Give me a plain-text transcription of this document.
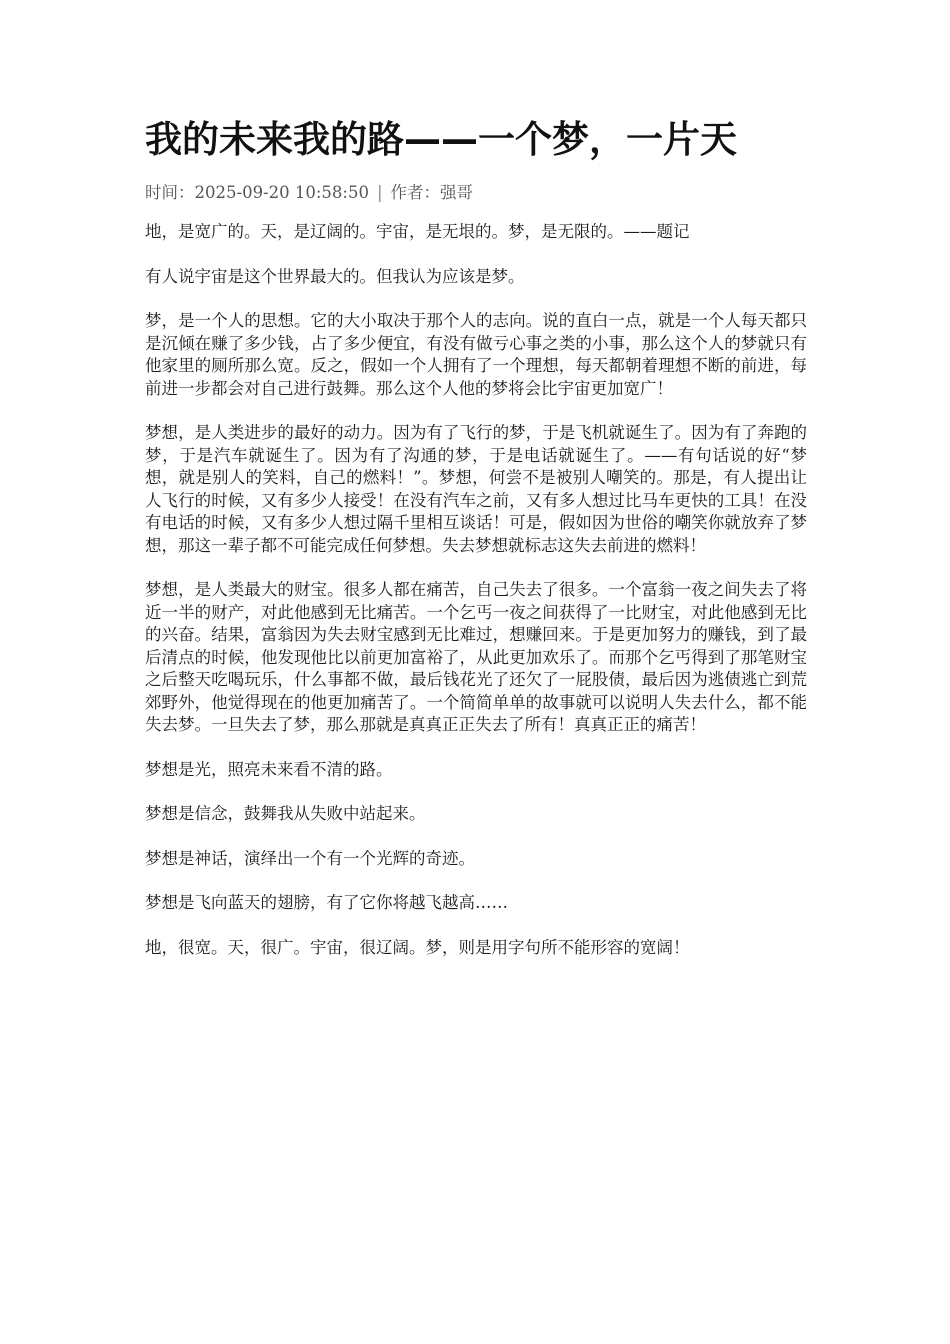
我的未来我的路——一个梦，一片天
时间：2025-09-20 10:58:50 | 作者：强哥

地，是宽广的。天，是辽阔的。宇宙，是无垠的。梦，是无限的。——题记

有人说宇宙是这个世界最大的。但我认为应该是梦。

梦，是一个人的思想。它的大小取决于那个人的志向。说的直白一点，就是一个人每天都只是沉倾在赚了多少钱，占了多少便宜，有没有做亏心事之类的小事，那么这个人的梦就只有他家里的厕所那么宽。反之，假如一个人拥有了一个理想，每天都朝着理想不断的前进，每前进一步都会对自己进行鼓舞。那么这个人他的梦将会比宇宙更加宽广！

梦想，是人类进步的最好的动力。因为有了飞行的梦，于是飞机就诞生了。因为有了奔跑的梦，于是汽车就诞生了。因为有了沟通的梦，于是电话就诞生了。——有句话说的好“梦想，就是别人的笑料，自己的燃料！”。梦想，何尝不是被别人嘲笑的。那是，有人提出让人飞行的时候，又有多少人接受！在没有汽车之前，又有多人想过比马车更快的工具！在没有电话的时候，又有多少人想过隔千里相互谈话！可是，假如因为世俗的嘲笑你就放弃了梦想，那这一辈子都不可能完成任何梦想。失去梦想就标志这失去前进的燃料！

梦想，是人类最大的财宝。很多人都在痛苦，自己失去了很多。一个富翁一夜之间失去了将近一半的财产，对此他感到无比痛苦。一个乞丐一夜之间获得了一比财宝，对此他感到无比的兴奋。结果，富翁因为失去财宝感到无比难过，想赚回来。于是更加努力的赚钱，到了最后清点的时候，他发现他比以前更加富裕了，从此更加欢乐了。而那个乞丐得到了那笔财宝之后整天吃喝玩乐，什么事都不做，最后钱花光了还欠了一屁股债，最后因为逃债逃亡到荒郊野外，他觉得现在的他更加痛苦了。一个简简单单的故事就可以说明人失去什么，都不能失去梦。一旦失去了梦，那么那就是真真正正失去了所有！真真正正的痛苦！

梦想是光，照亮未来看不清的路。

梦想是信念，鼓舞我从失败中站起来。

梦想是神话，演绎出一个有一个光辉的奇迹。

梦想是飞向蓝天的翅膀，有了它你将越飞越高……

地，很宽。天，很广。宇宙，很辽阔。梦，则是用字句所不能形容的宽阔！
